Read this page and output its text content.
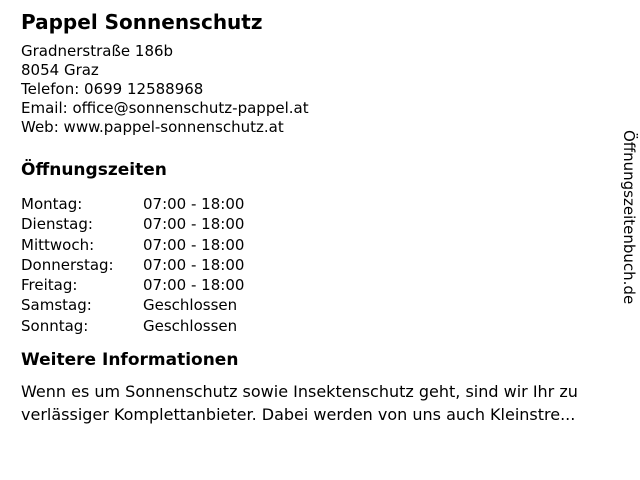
Pappel Sonnenschutz
Gradnerstraße 186b
8054 Graz
Telefon: 0699 12588968
Email: office@sonnenschutz-pappel.at
Web: www.pappel-sonnenschutz.at
Öffnungszeiten
Montag:	07:00 - 18:00
Dienstag:	07:00 - 18:00
Mittwoch:	07:00 - 18:00
Donnerstag:	07:00 - 18:00
Freitag:	07:00 - 18:00
Samstag:	Geschlossen
Sonntag:	Geschlossen
Weitere Informationen
Wenn es um Sonnenschutz sowie Insektenschutz geht, sind wir Ihr zu
verlässiger Komplettanbieter. Dabei werden von uns auch Kleinstre...
Öffnungszeitenbuch.de
